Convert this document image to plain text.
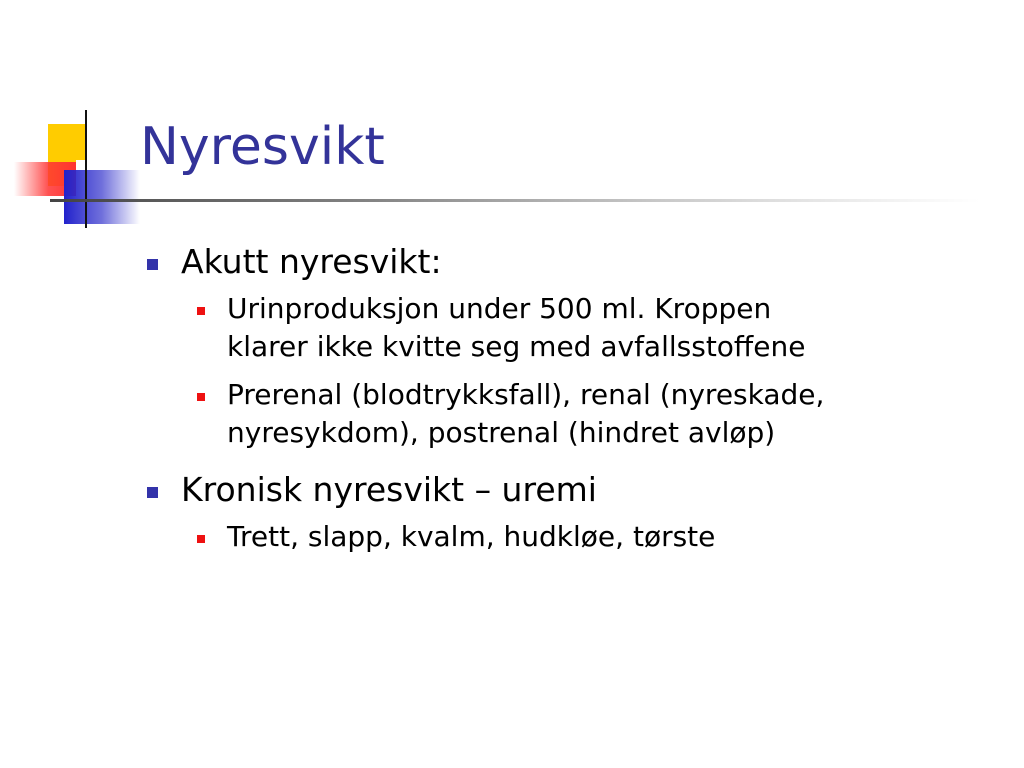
Nyresvikt
Akutt nyresvikt:
Urinproduksjon under 500 ml. Kroppen
klarer ikke kvitte seg med avfallsstoffene
Prerenal (blodtrykksfall), renal (nyreskade,
nyresykdom), postrenal (hindret avløp)
Kronisk nyresvikt – uremi
Trett, slapp, kvalm, hudkløe, tørste
